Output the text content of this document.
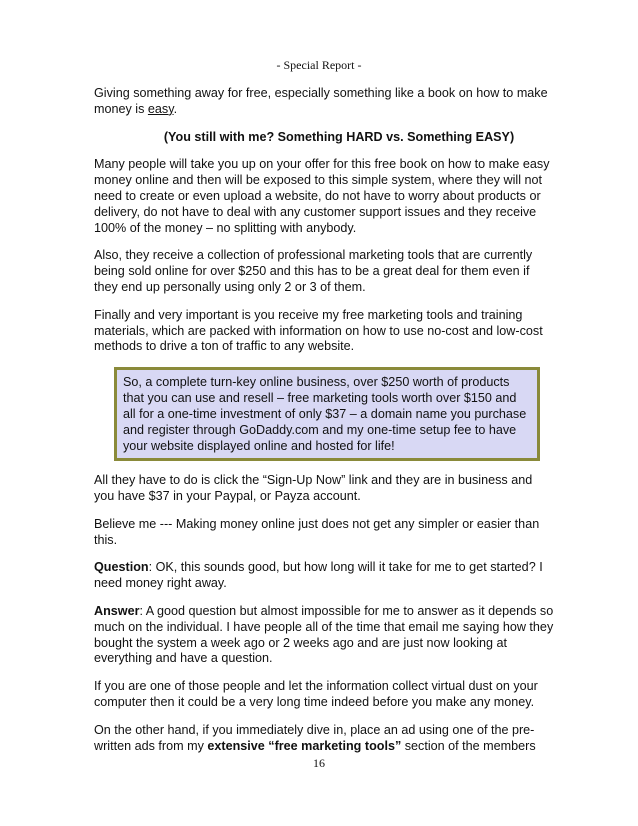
- Special Report -

Giving something away for free, especially something like a book on how to make money is easy.

(You still with me? Something HARD vs. Something EASY)

Many people will take you up on your offer for this free book on how to make easy money online and then will be exposed to this simple system, where they will not need to create or even upload a website, do not have to worry about products or delivery, do not have to deal with any customer support issues and they receive 100% of the money – no splitting with anybody.

Also, they receive a collection of professional marketing tools that are currently being sold online for over $250 and this has to be a great deal for them even if they end up personally using only 2 or 3 of them.

Finally and very important is you receive my free marketing tools and training materials, which are packed with information on how to use no-cost and low-cost methods to drive a ton of traffic to any website.

So, a complete turn-key online business, over $250 worth of products that you can use and resell – free marketing tools worth over $150 and all for a one-time investment of only $37 – a domain name you purchase and register through GoDaddy.com and my one-time setup fee to have your website displayed online and hosted for life!

All they have to do is click the “Sign-Up Now” link and they are in business and you have $37 in your Paypal, or Payza account.

Believe me --- Making money online just does not get any simpler or easier than this.

Question: OK, this sounds good, but how long will it take for me to get started? I need money right away.

Answer: A good question but almost impossible for me to answer as it depends so much on the individual. I have people all of the time that email me saying how they bought the system a week ago or 2 weeks ago and are just now looking at everything and have a question.

If you are one of those people and let the information collect virtual dust on your computer then it could be a very long time indeed before you make any money.

On the other hand, if you immediately dive in, place an ad using one of the pre-written ads from my extensive “free marketing tools” section of the members

16
